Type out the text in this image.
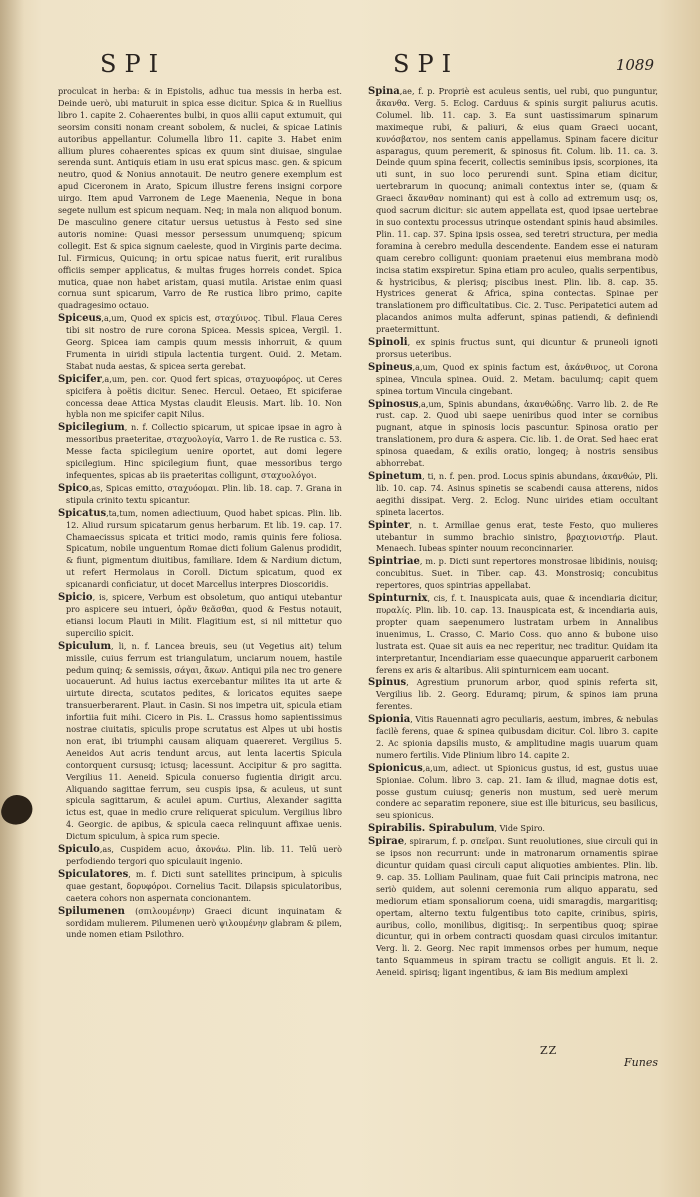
SPI	SPI	1089

proculcat in herba: & in Epistolis, adhuc tua messis in herba est. Deinde uerò, ubi maturuit in spica esse dicitur. Spica & in Ruellius libro 1. capite 2. Cohaerentes bulbi, in quos allii caput extumuit, qui seorsim consiti nonam creant sobolem, & nuclei, & spicae Latinis autoribus appellantur. Columella libro 11. capite 3. Habet enim allium plures cohaerentes spicas ex quum sint diuisae, singulae serenda sunt. Antiquis etiam in usu erat spicus masc. gen. & spicum neutro, quod & Nonius annotauit. De neutro genere exemplum est apud Ciceronem in Arato, Spicum illustre ferens insigni corpore uirgo. Item apud Varronem de Lege Maenenia, Neque in bona segete nullum est spicum nequam. Neq; in mala non aliquod bonum. De masculino genere citatur uersus uetustus à Festo sed sine autoris nomine: Quasi messor persessum unumquenq; spicum collegit. Est & spica signum caeleste, quod in Virginis parte decima. Iul. Firmicus, Quicunq; in ortu spicae natus fuerit, erit ruralibus officiis semper applicatus, & multas fruges horreis condet. Spica mutica, quae non habet aristam, quasi mutila. Aristae enim quasi cornua sunt spicarum, Varro de Re rustica libro primo, capite quadragesimo octauo.

Spiceus,a,um, Quod ex spicis est, σταχύινος. Tibul. Flaua Ceres tibi sit nostro de rure corona Spicea. Messis spicea, Vergil. 1. Georg. Spicea iam campis quum messis inhorruit, & quum Frumenta in uiridi stipula lactentia turgent. Ouid. 2. Metam. Stabat nuda aestas, & spicea serta gerebat.

Spicifer,a,um, pen. cor. Quod fert spicas, σταχυοφόρος. ut Ceres spicifera à poëtis dicitur. Senec. Hercul. Oetaeo, Et spiciferae concessa deae Attica Mystas claudit Eleusis. Mart. lib. 10. Non hybla non me spicifer capit Nilus.

Spicilegium, n. f. Collectio spicarum, ut spicae ipsae in agro à messoribus praeteritae, σταχυολογία, Varro 1. de Re rustica c. 53. Messe facta spicilegium uenire oportet, aut domi legere spicilegium. Hinc spicilegium fiunt, quae messoribus tergo infequentes, spicas ab iis praeteritas colligunt, σταχυολόγοι.

Spico,as, Spicas emitto, σταχυόομαι. Plin. lib. 18. cap. 7. Grana in stipula crinito textu spicantur.

Spicatus,ta,tum, nomen adiectiuum, Quod habet spicas. Plin. lib. 12. Aliud rursum spicatarum genus herbarum. Et lib. 19. cap. 17. Chamaecissus spicata et tritici modo, ramis quinis fere foliosa. Spicatum, nobile unguentum Romae dicti folium Galenus prodidit, & fiunt, pigmentum diuitibus, familiare. Idem & Nardium dictum, ut refert Hermolaus in Coroll. Dictum spicatum, quod ex spicanardi conficiatur, ut docet Marcellus interpres Dioscoridis.

Spicio, is, spicere, Verbum est obsoletum, quo antiqui utebantur pro aspicere seu intueri, ὁρᾶν θεᾶσθαι, quod & Festus notauit, etiansi locum Plauti in Milit. Flagitium est, si nil mittetur quo supercilio spicit.

Spiculum, li, n. f. Lancea breuis, seu (ut Vegetius ait) telum missile, cuius ferrum est triangulatum, unciarum nouem, hastile pedum quinq; & semissis, σάγαι, ἄκων. Antiqui pila nec tro genere uocauerunt. Ad huius iactus exercebantur milites ita ut arte & uirtute directa, scutatos pedites, & loricatos equites saepe transuerberarent. Plaut. in Casin. Si nos impetra uit, spicula etiam infortiia fuit mihi. Cicero in Pis. L. Crassus homo sapientissimus nostrae ciuitatis, spiculis prope scrutatus est Alpes ut ubi hostis non erat, ibi triumphi causam aliquam quaereret. Vergilius 5. Aeneidos Aut acris tendunt arcus, aut lenta lacertis Spicula contorquent cursusq; ictusq; lacessunt. Accipitur & pro sagitta. Vergilius 11. Aeneid. Spicula conuerso fugientia dirigit arcu. Aliquando sagittae ferrum, seu cuspis ipsa, & aculeus, ut sunt spicula sagittarum, & aculei apum. Curtius, Alexander sagitta ictus est, quae in medio crure reliquerat spiculum. Vergilius libro 4. Georgic. de apibus, & spicula caeca relinquunt affixae uenis. Dictum spiculum, à spica rum specie.

Spiculo,as, Cuspidem acuo, ἀκονάω. Plin. lib. 11. Telū uerò perfodiendo tergori quo spiculauit ingenio.

Spiculatores, m. f. Dicti sunt satellites principum, à spiculis quae gestant, δορυφόροι. Cornelius Tacit. Dilapsis spiculatoribus, caetera cohors non aspernata concionantem.

Spilumenen (σπιλουμένην) Graeci dicunt inquinatam & sordidam mulierem. Pilumenen uerò ψιλουμένην glabram & pilem, unde nomen etiam Psilothro.

Spina,ae, f. p. Propriè est aculeus sentis, uel rubi, quo punguntur, ἄκανθα. Verg. 5. Eclog. Carduus & spinis surgit paliurus acutis. Columel. lib. 11. cap. 3. Ea sunt uastissimarum spinarum maximeque rubi, & paliuri, & eius quam Graeci uocant, κυνόσβατον, nos sentem canis appellamus. Spinam facere dicitur asparagus, quum peremerit, & spinosus fit. Colum. lib. 11. ca. 3. Deinde quum spina fecerit, collectis seminibus ipsis, scorpiones, ita uti sunt, in suo loco perurendi sunt. Spina etiam dicitur, uertebrarum in quocunq; animali contextus inter se, (quam & Graeci ἄκανθαν nominant) qui est à collo ad extremum usq; os, quod sacrum dicitur: sic autem appellata est, quod ipsae uertebrae in suo contextu processus utrinque ostendant spinis haud absimiles. Plin. 11. cap. 37. Spina ipsis ossea, sed teretri structura, per media foramina à cerebro medulla descendente. Eandem esse ei naturam quam cerebro colligunt: quoniam praetenui eius membrana modò incisa statim exspiretur. Spina etiam pro aculeo, qualis serpentibus, & hystricibus, & plerisq; piscibus inest. Plin. lib. 8. cap. 35. Hystrices generat & Africa, spina contectas. Spinae per translationem pro difficultatibus. Cic. 2. Tusc. Peripatetici autem ad placandos animos multa adferunt, spinas patiendi, & definiendi praetermittunt.

Spinoli, ex spinis fructus sunt, qui dicuntur & pruneoli ignoti prorsus ueteribus.

Spineus,a,um, Quod ex spinis factum est, ἀκάνθινος, ut Corona spinea, Vincula spinea. Ouid. 2. Metam. baculumq; capit quem spinea tortum Vincula cingebant.

Spinosus,a,um, Spinis abundans, ἀκανθώδης. Varro lib. 2. de Re rust. cap. 2. Quod ubi saepe ueniribus quod inter se cornibus pugnant, atque in spinosis locis pascuntur. Spinosa oratio per translationem, pro dura & aspera. Cic. lib. 1. de Orat. Sed haec erat spinosa quaedam, & exilis oratio, longeq; à nostris sensibus abhorrebat.

Spinetum, ti, n. f. pen. prod. Locus spinis abundans, ἀκανθών, Pli. lib. 10. cap. 74. Asinus spinetis se scabendi causa atterens, nidos aegithi dissipat. Verg. 2. Eclog. Nunc uirides etiam occultant spineta lacertos.

Spinter, n. t. Armillae genus erat, teste Festo, quo mulieres utebantur in summo brachio sinistro, βραχιονιστήρ. Plaut. Menaech. Iubeas spinter nouum reconcinnarier.

Spintriae, m. p. Dicti sunt repertores monstrosae libidinis, nouisq; concubitus. Suet. in Tiber. cap. 43. Monstrosiq; concubitus repertores, quos spintrias appellabat.

Spinturnix, cis, f. t. Inauspicata auis, quae & incendiaria dicitur, πυραλίς. Plin. lib. 10. cap. 13. Inauspicata est, & incendiaria auis, propter quam saepenumero lustratam urbem in Annalibus inuenimus, L. Crasso, C. Mario Coss. quo anno & bubone uiso lustrata est. Quae sit auis ea nec reperitur, nec traditur. Quidam ita interpretantur, Incendiariam esse quaecunque apparuerit carbonem ferens ex aris & altaribus. Alii spinturnicem eam uocant.

Spinus, Agrestium prunorum arbor, quod spinis referta sit, Vergilius lib. 2. Georg. Eduramq; pirum, & spinos iam pruna ferentes.

Spionia, Vitis Rauennati agro peculiaris, aestum, imbres, & nebulas facilè ferens, quae & spinea quibusdam dicitur. Col. libro 3. capite 2. Ac spionia dapsilis musto, & amplitudine magis uuarum quam numero fertilis. Vide Plinium libro 14. capite 2.

Spionicus,a,um, adiect. ut Spionicus gustus, id est, gustus uuae Spioniae. Colum. libro 3. cap. 21. Iam & illud, magnae dotis est, posse gustum cuiusq; generis non mustum, sed uerè merum condere ac separatim reponere, siue est ille bituricus, seu basilicus, seu spionicus.

Spirabilis. Spirabulum, Vide Spiro.

Spirae, spirarum, f. p. σπεῖραι. Sunt reuolutiones, siue circuli qui in se ipsos non recurrunt: unde in matronarum ornamentis spirae dicuntur quidam quasi circuli caput aliquoties ambientes. Plin. lib. 9. cap. 35. Lolliam Paulinam, quae fuit Caii principis matrona, nec seriò quidem, aut solenni ceremonia rum aliquo apparatu, sed mediorum etiam sponsaliorum coena, uidi smaragdis, margaritisq; opertam, alterno textu fulgentibus toto capite, crinibus, spiris, auribus, collo, monilibus, digitisq;. In serpentibus quoq; spirae dicuntur, qui in orbem contracti quosdam quasi circulos imitantur. Verg. li. 2. Georg. Nec rapit immensos orbes per humum, neque tanto Squammeus in spiram tractu se colligit anguis. Et li. 2. Aeneid. spirisq; ligant ingentibus, & iam Bis medium amplexi

ZZ
Funes
